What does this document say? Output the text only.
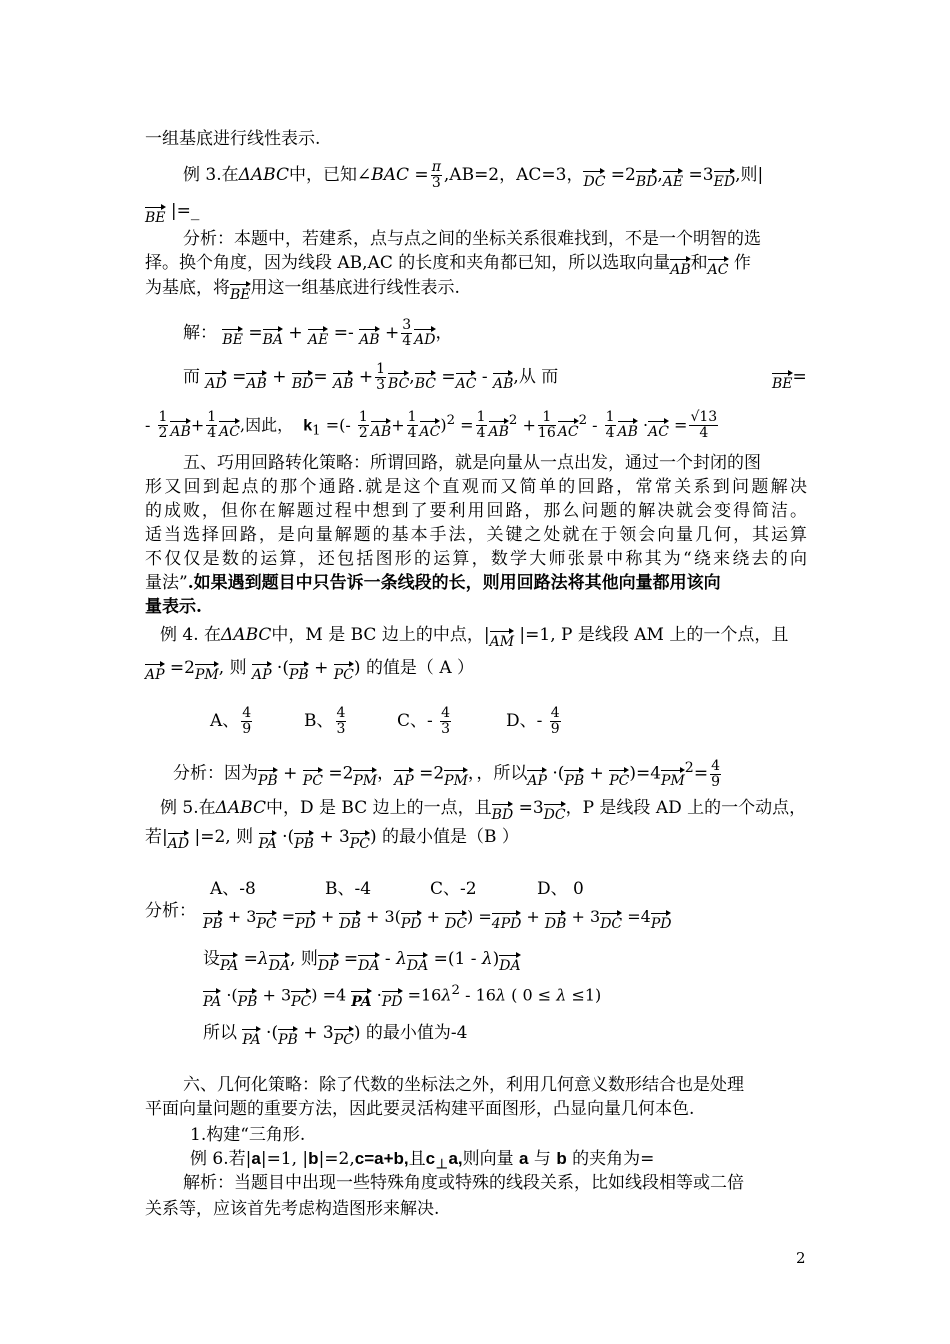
一组基底进行线性表示.
例 3.在ΔABC中，已知∠BAC = $\frac{\pi}{3} ,AB=2$，AC=3，DC =2BD,AE =3ED,则|
BE |=_
分析：本题中，若建系，点与点之间的坐标关系很难找到，不是一个明智的选
择。换个角度，因为线段 AB,AC 的长度和夹角都已知，所以选取向量AB和AC 作
为基底，将BE用这一组基底进行线性表示.
解： BE =BA + AE =- AB + $\frac{3}{4}$ AD，
而 AD =AB + BD= AB + $\frac{1}{3} BC,BC =AC$ - AB,从 而	BE=
- $\frac{1}{2} AB+ \frac{1}{4}$ AC,因此， $k_1$ =(- $\frac{1}{2} AB+ \frac{1}{4} AC)^2 = \frac{1}{4} AB^2 + \frac{1}{16} AC^2 - \frac{1}{4}$ AB $\cdot AC = \frac{√13}{4}$
五、巧用回路转化策略：所谓回路，就是向量从一点出发，通过一个封闭的图
形又回到起点的那个通路.就是这个直观而又简单的回路，常常关系到问题解决
的成败，但你在解题过程中想到了要利用回路，那么问题的解决就会变得简洁。
适当选择回路，是向量解题的基本手法，关键之处就在于领会向量几何，其运算
不仅仅是数的运算，还包括图形的运算，数学大师张景中称其为“绕来绕去的向
量法”.如果遇到题目中只告诉一条线段的长，则用回路法将其他向量都用该向
量表示.
例 4. 在ΔABC中，M 是 BC 边上的中点，|AM |=1, P 是线段 AM 上的一个点，且
AP =2PM, 则 AP ·(PB + PC) 的值是（ A ）
A、 $\frac{4}{9}$	B、 $\frac{4}{3}$	C、- $\frac{4}{3}$	D、- $\frac{4}{9}$
分析：因为PB + PC =2PM，AP =2PM，，所以AP $\cdot(PB + PC)=4PM^2= \frac{4}{9}$
例 5.在ΔABC中，D 是 BC 边上的一点，且BD =3DC，P 是线段 AD 上的一个动点，
若|AD |=2, 则 PA ·(PB + 3PC) 的最小值是（B ）
A、-8	B、-4	C、-2	D、 0
分析：
PB + 3PC =PD + DB + 3(PD + DC) =4PD + DB + 3DC =4PD
设PA =λDA, 则DP =DA - λDA =(1 - λ)DA
PA ·(PB + 3PC) =4 PA $\cdot PD =16\lambda^2 - 16\lambda$ ( 0 ≤ λ ≤1)
所以 PA ·(PB + 3PC) 的最小值为-4
六、几何化策略：除了代数的坐标法之外，利用几何意义数形结合也是处理
平面向量问题的重要方法，因此要灵活构建平面图形，凸显向量几何本色.
1.构建“三角形.
例 6.若|a|=1, |b|=2,c=a+b,且$c_\perp a$,则向量 a 与 b 的夹角为=
解析：当题目中出现一些特殊角度或特殊的线段关系，比如线段相等或二倍
关系等，应该首先考虑构造图形来解决.
2
